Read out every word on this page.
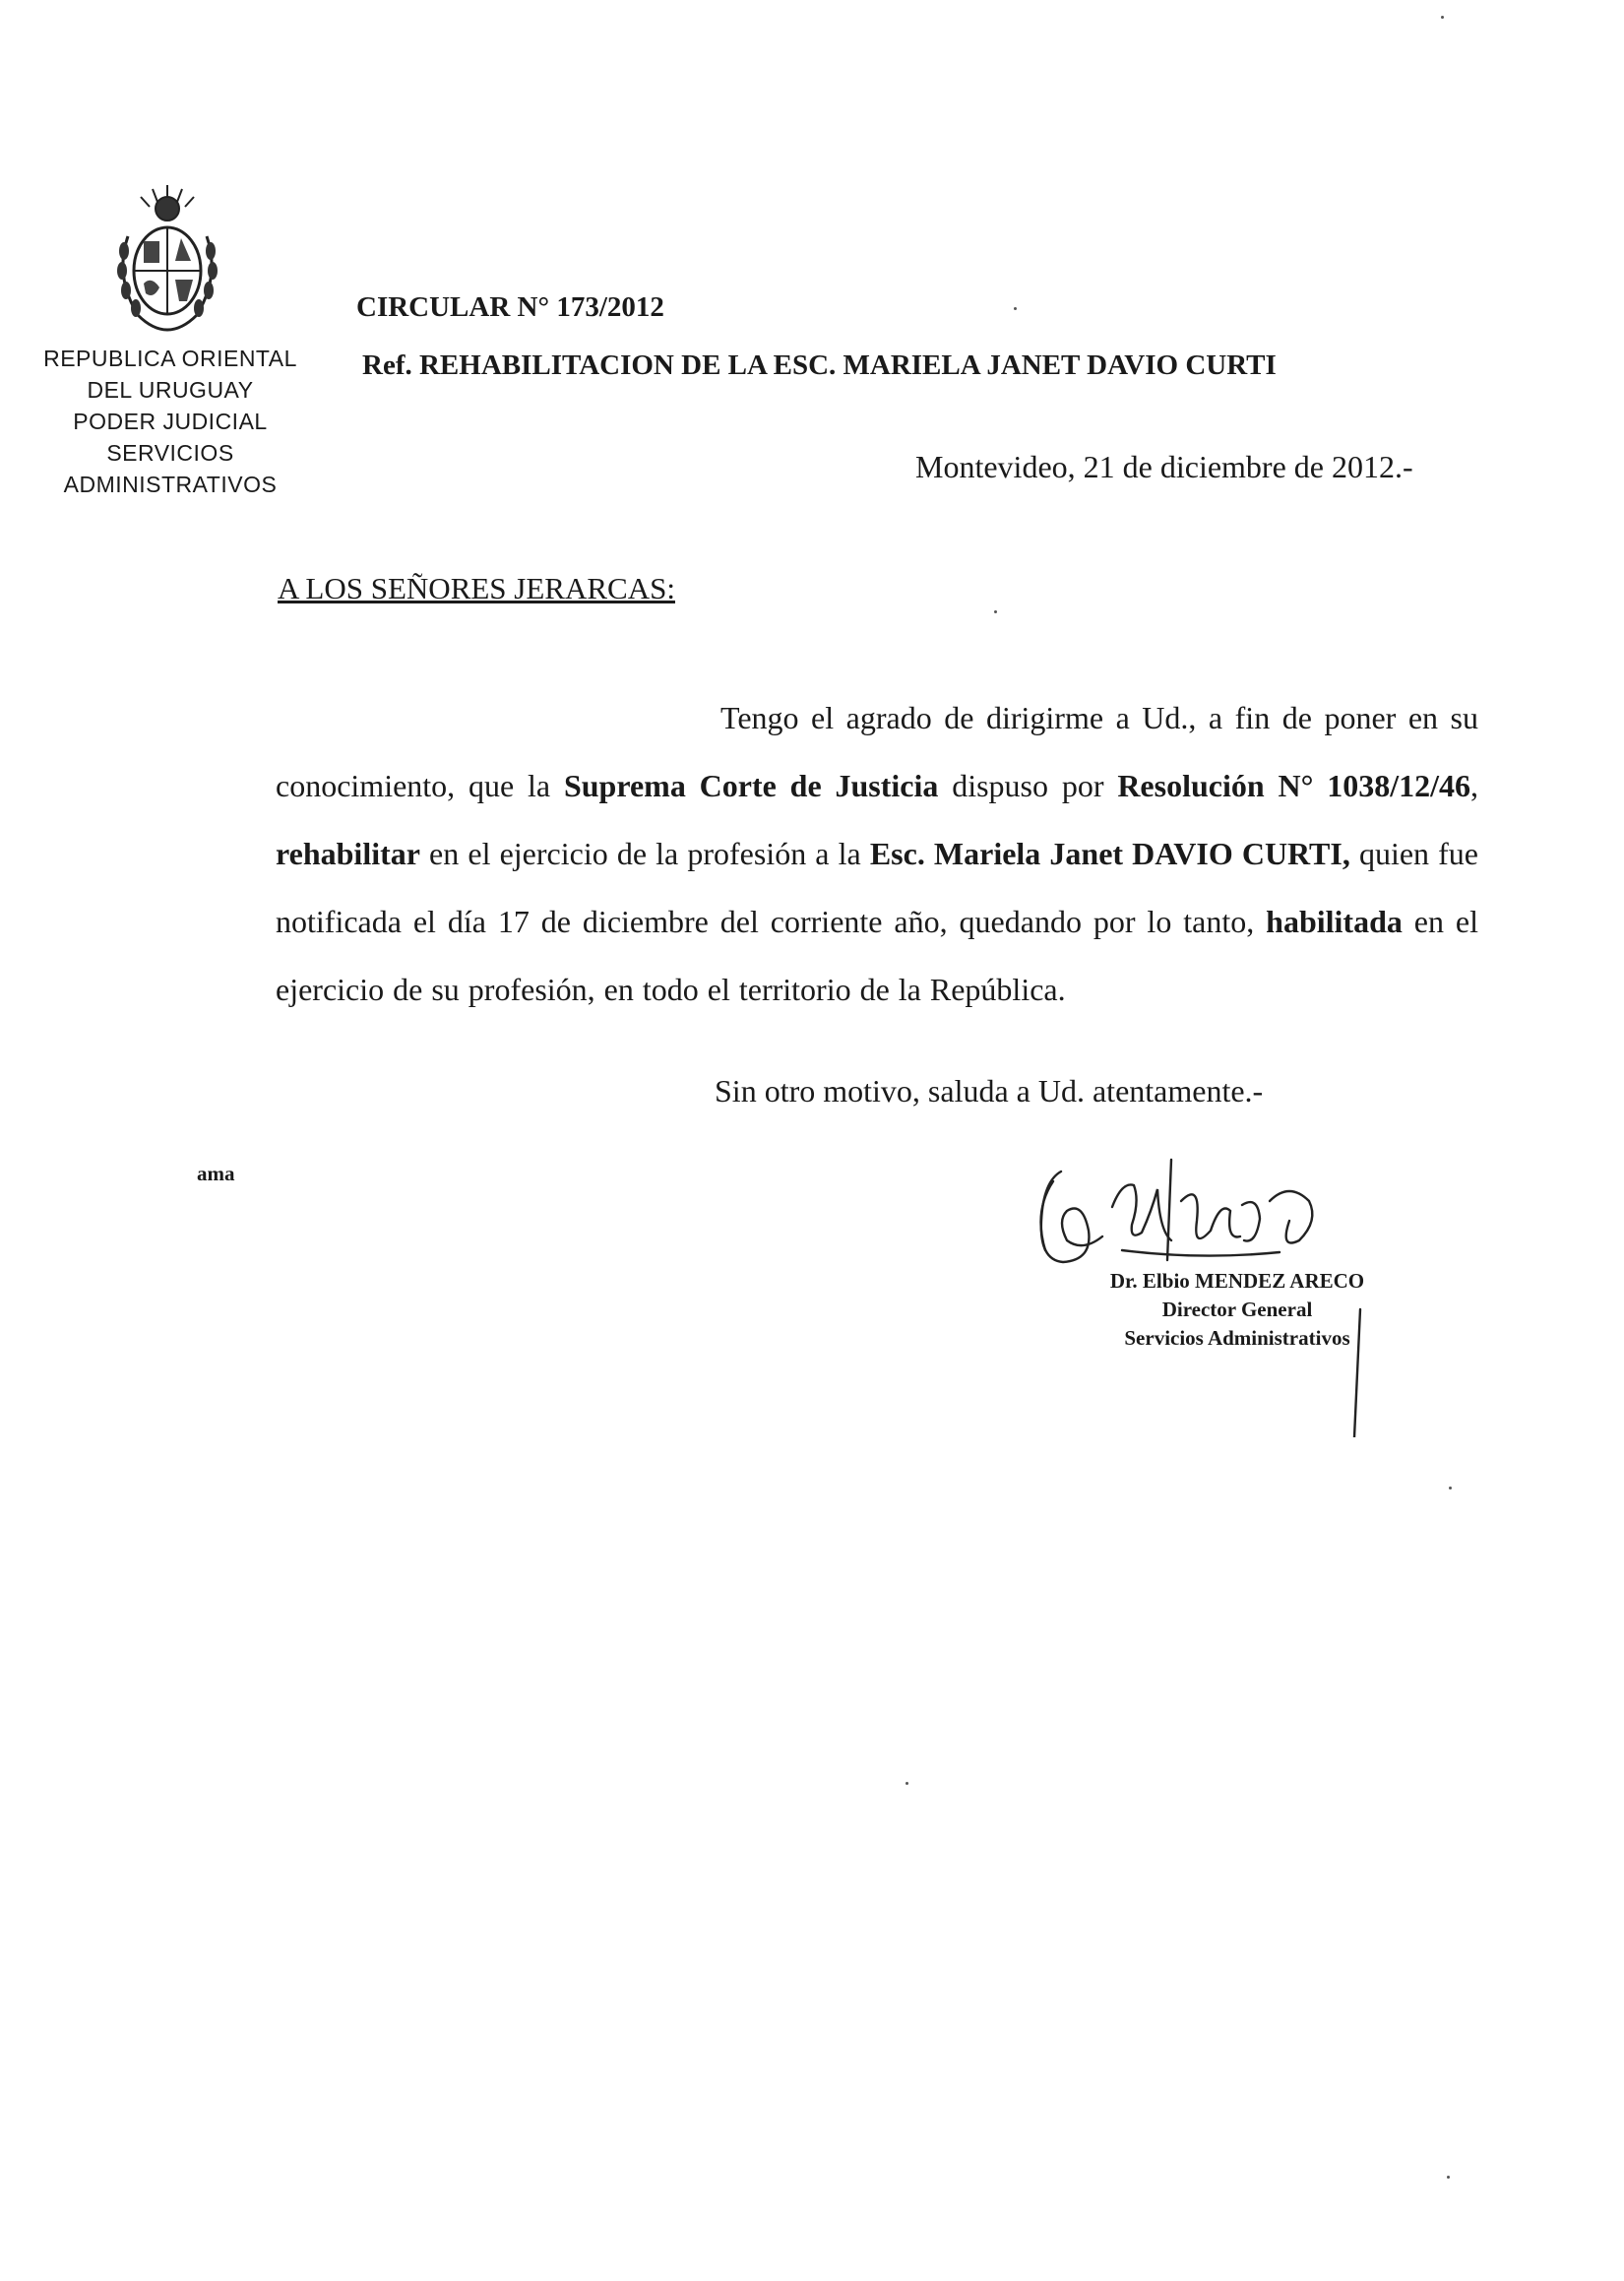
REPUBLICA ORIENTAL
DEL URUGUAY
PODER JUDICIAL
SERVICIOS
ADMINISTRATIVOS
CIRCULAR N° 173/2012
Ref. REHABILITACION DE LA ESC. MARIELA JANET DAVIO CURTI
Montevideo, 21 de diciembre de 2012.-
A LOS SEÑORES JERARCAS:
Tengo el agrado de dirigirme a Ud., a fin de poner en su conocimiento, que la Suprema Corte de Justicia dispuso por Resolución N° 1038/12/46, rehabilitar en el ejercicio de la profesión a la Esc. Mariela Janet DAVIO CURTI, quien fue notificada el día 17 de diciembre del corriente año, quedando por lo tanto, habilitada en el ejercicio de su profesión, en todo el territorio de la República.
Sin otro motivo, saluda a Ud. atentamente.-
ama
Dr. Elbio MENDEZ ARECO
Director General
Servicios Administrativos
